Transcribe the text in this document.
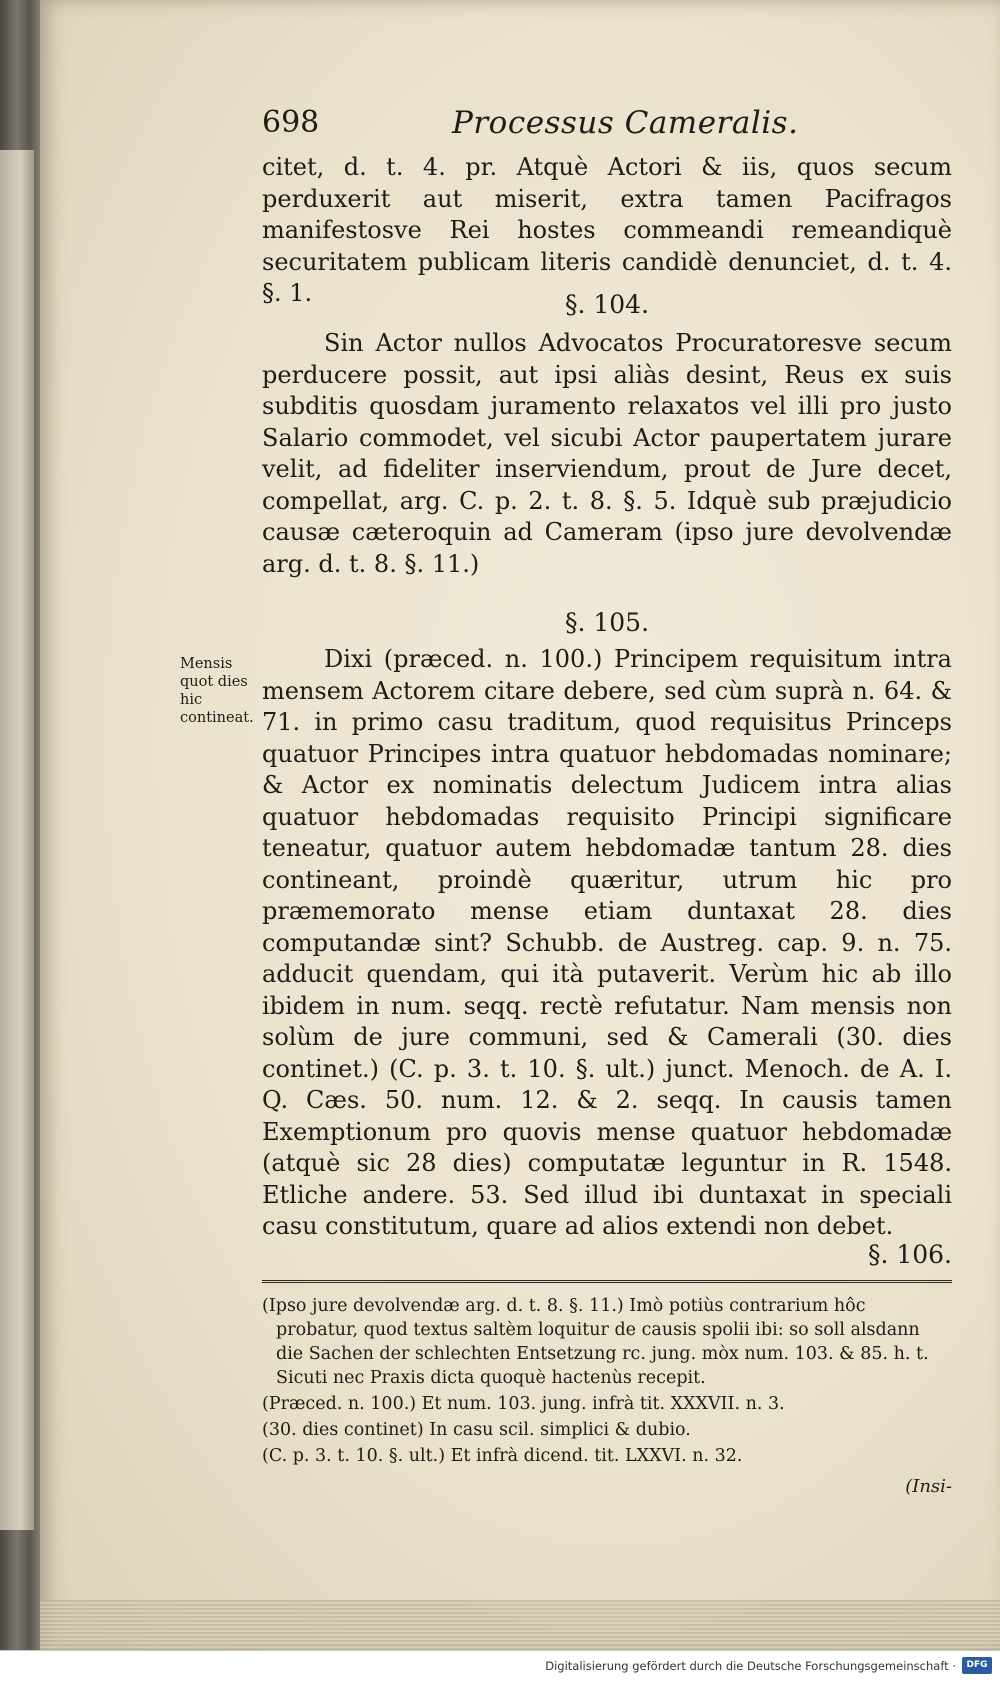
698	Processus Cameralis.

citet, d. t. 4. pr. Atquè Actori & iis, quos secum perduxerit aut miserit, extra tamen Pacifragos manifestosve Rei hostes commeandi remeandiquè securitatem publicam literis candidè denunciet, d. t. 4. §. 1.	§. 104.

Sin Actor nullos Advocatos Procuratoresve secum perducere possit, aut ipsi aliàs desint, Reus ex suis subditis quosdam juramento relaxatos vel illi pro justo Salario commodet, vel sicubi Actor paupertatem jurare velit, ad fideliter inserviendum, prout de Jure decet, compellat, arg. C. p. 2. t. 8. §. 5. Idquè sub præjudicio causæ cæteroquin ad Cameram (ipso jure devolvendæ arg. d. t. 8. §. 11.)

§. 105.
Mensis quot dies hic contineat.

Dixi (præced. n. 100.) Principem requisitum intra mensem Actorem citare debere, sed cùm suprà n. 64. & 71. in primo casu traditum, quod requisitus Princeps quatuor Principes intra quatuor hebdomadas nominare; & Actor ex nominatis delectum Judicem intra alias quatuor hebdomadas requisito Principi significare teneatur, quatuor autem hebdomadæ tantum 28. dies contineant, proindè quæritur, utrum hic pro præmemorato mense etiam duntaxat 28. dies computandæ sint? Schubb. de Austreg. cap. 9. n. 75. adducit quendam, qui ità putaverit. Verùm hic ab illo ibidem in num. seqq. rectè refutatur. Nam mensis non solùm de jure communi, sed & Camerali (30. dies continet.) (C. p. 3. t. 10. §. ult.) junct. Menoch. de A. I. Q. Cæs. 50. num. 12. & 2. seqq. In causis tamen Exemptionum pro quovis mense quatuor hebdomadæ (atquè sic 28 dies) computatæ leguntur in R. 1548. Etliche andere. 53. Sed illud ibi duntaxat in speciali casu constitutum, quare ad alios extendi non debet.

§. 106.

(Ipso jure devolvendæ arg. d. t. 8. §. 11.) Imò potiùs contrarium hôc probatur, quod textus saltèm loquitur de causis spolii ibi: so soll alsdann die Sachen der schlechten Entsetzung rc. jung. mòx num. 103. & 85. h. t. Sicuti nec Praxis dicta quoquè hactenùs recepit.

(Præced. n. 100.) Et num. 103. jung. infrà tit. XXXVII. n. 3.

(30. dies continet) In casu scil. simplici & dubio.

(C. p. 3. t. 10. §. ult.) Et infrà dicend. tit. LXXVI. n. 32.

(Insi-
Digitalisierung gefördert durch die Deutsche Forschungsgemeinschaft ·	DFG
